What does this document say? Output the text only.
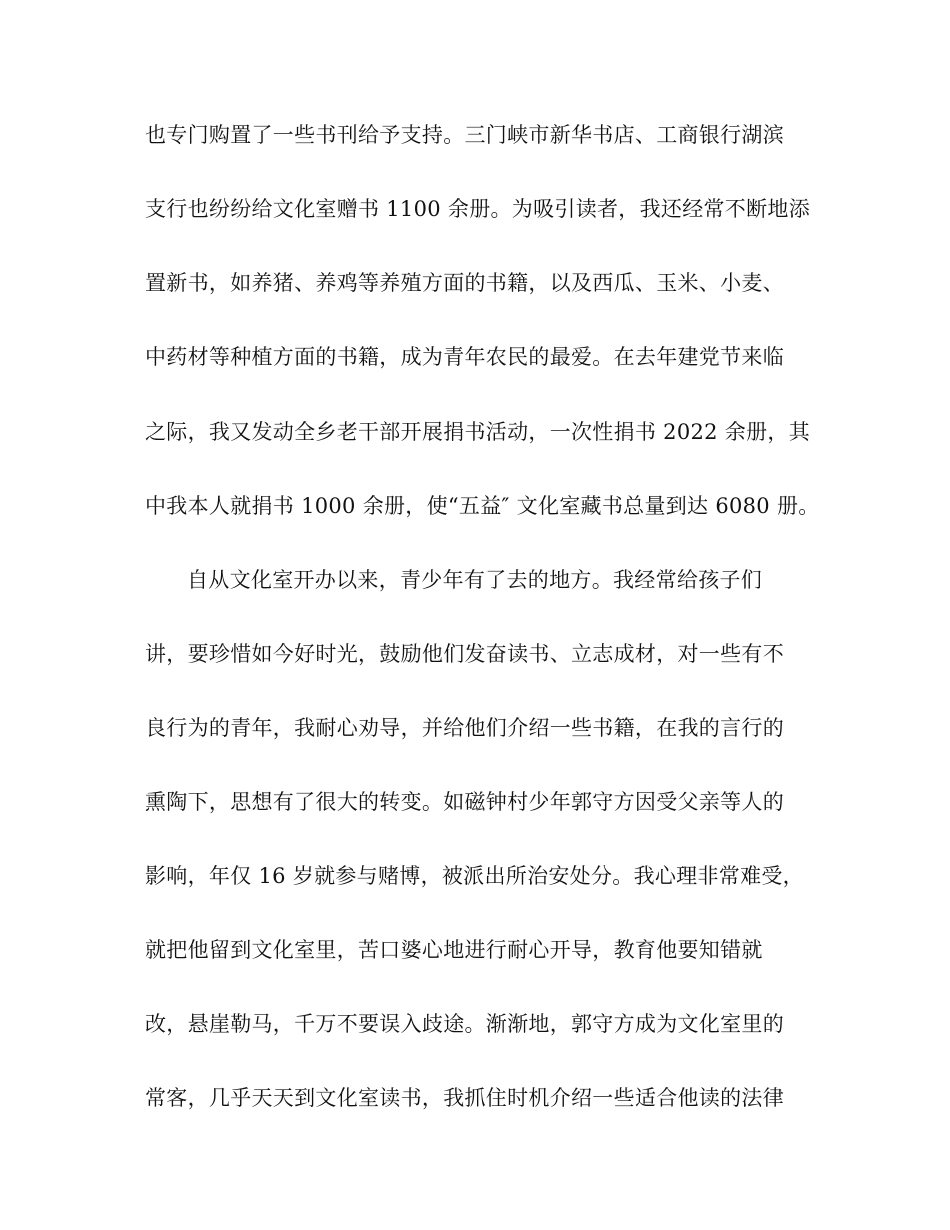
也专门购置了一些书刊给予支持。三门峡市新华书店、工商银行湖滨
支行也纷纷给文化室赠书 1100 余册。为吸引读者，我还经常不断地添
置新书，如养猪、养鸡等养殖方面的书籍，以及西瓜、玉米、小麦、
中药材等种植方面的书籍，成为青年农民的最爱。在去年建党节来临
之际，我又发动全乡老干部开展捐书活动，一次性捐书 2022 余册，其
中我本人就捐书 1000 余册，使“五益″ 文化室藏书总量到达 6080 册。
自从文化室开办以来，青少年有了去的地方。我经常给孩子们
讲，要珍惜如今好时光，鼓励他们发奋读书、立志成材，对一些有不
良行为的青年，我耐心劝导，并给他们介绍一些书籍，在我的言行的
熏陶下，思想有了很大的转变。如磁钟村少年郭守方因受父亲等人的
影响，年仅 16 岁就参与赌博，被派出所治安处分。我心理非常难受，
就把他留到文化室里，苦口婆心地进行耐心开导，教育他要知错就
改，悬崖勒马，千万不要误入歧途。渐渐地，郭守方成为文化室里的
常客，几乎天天到文化室读书，我抓住时机介绍一些适合他读的法律
